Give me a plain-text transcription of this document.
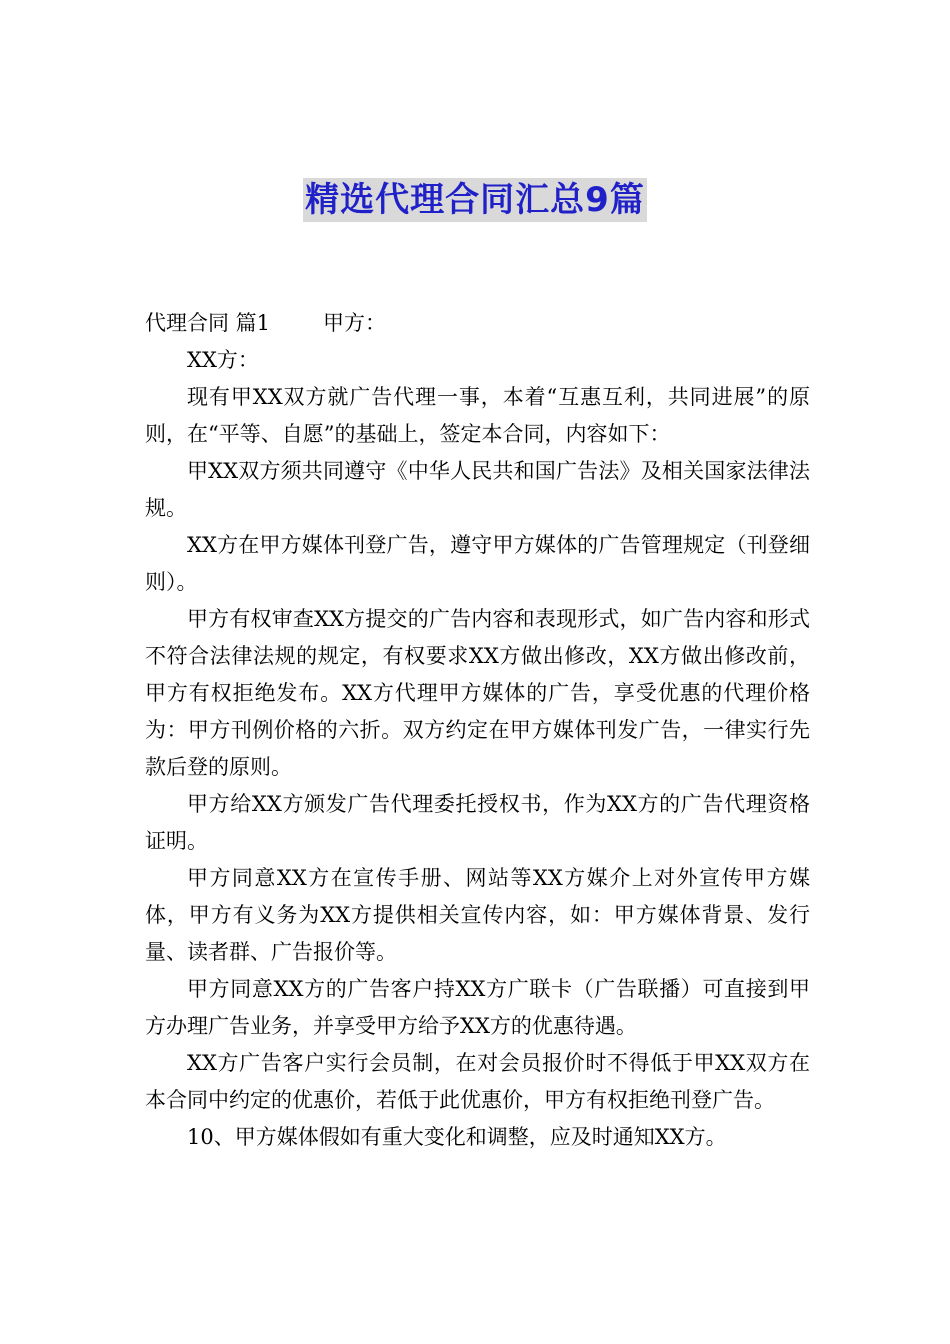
精选代理合同汇总9篇

代理合同 篇1	甲方：

XX方：

现有甲XX双方就广告代理一事，本着“互惠互利，共同进展”的原则，在“平等、自愿”的基础上，签定本合同，内容如下：

甲XX双方须共同遵守《中华人民共和国广告法》及相关国家法律法规。

XX方在甲方媒体刊登广告，遵守甲方媒体的广告管理规定（刊登细则）。

甲方有权审查XX方提交的广告内容和表现形式，如广告内容和形式不符合法律法规的规定，有权要求XX方做出修改，XX方做出修改前，甲方有权拒绝发布。XX方代理甲方媒体的广告，享受优惠的代理价格为：甲方刊例价格的六折。双方约定在甲方媒体刊发广告，一律实行先款后登的原则。

甲方给XX方颁发广告代理委托授权书，作为XX方的广告代理资格证明。

甲方同意XX方在宣传手册、网站等XX方媒介上对外宣传甲方媒体，甲方有义务为XX方提供相关宣传内容，如：甲方媒体背景、发行量、读者群、广告报价等。

甲方同意XX方的广告客户持XX方广联卡（广告联播）可直接到甲方办理广告业务，并享受甲方给予XX方的优惠待遇。

XX方广告客户实行会员制，在对会员报价时不得低于甲XX双方在本合同中约定的优惠价，若低于此优惠价，甲方有权拒绝刊登广告。

10、甲方媒体假如有重大变化和调整，应及时通知XX方。
